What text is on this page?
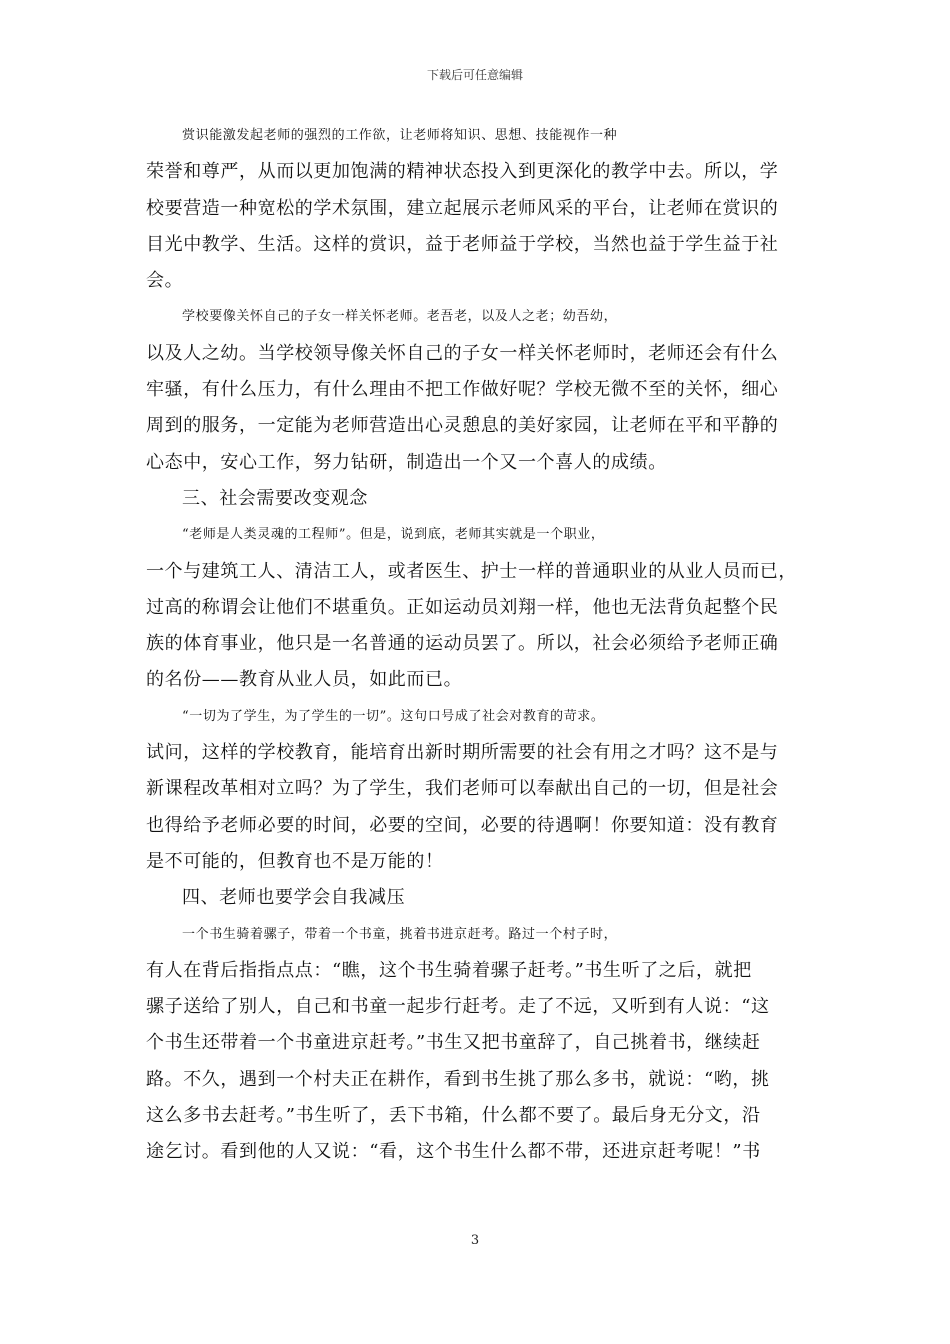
下载后可任意编辑
赏识能激发起老师的强烈的工作欲，让老师将知识、思想、技能视作一种
荣誉和尊严，从而以更加饱满的精神状态投入到更深化的教学中去。所以，学
校要营造一种宽松的学术氛围，建立起展示老师风采的平台，让老师在赏识的
目光中教学、生活。这样的赏识，益于老师益于学校，当然也益于学生益于社
会。
学校要像关怀自己的子女一样关怀老师。老吾老，以及人之老；幼吾幼，
以及人之幼。当学校领导像关怀自己的子女一样关怀老师时，老师还会有什么
牢骚，有什么压力，有什么理由不把工作做好呢？学校无微不至的关怀，细心
周到的服务，一定能为老师营造出心灵憩息的美好家园，让老师在平和平静的
心态中，安心工作，努力钻研，制造出一个又一个喜人的成绩。
三、社会需要改变观念
“老师是人类灵魂的工程师”。但是，说到底，老师其实就是一个职业，
一个与建筑工人、清洁工人，或者医生、护士一样的普通职业的从业人员而已，
过高的称谓会让他们不堪重负。正如运动员刘翔一样，他也无法背负起整个民
族的体育事业，他只是一名普通的运动员罢了。所以，社会必须给予老师正确
的名份——教育从业人员，如此而已。
“一切为了学生，为了学生的一切”。这句口号成了社会对教育的苛求。
试问，这样的学校教育，能培育出新时期所需要的社会有用之才吗？这不是与
新课程改革相对立吗？为了学生，我们老师可以奉献出自己的一切，但是社会
也得给予老师必要的时间，必要的空间，必要的待遇啊！你要知道：没有教育
是不可能的，但教育也不是万能的！
四、老师也要学会自我减压
一个书生骑着骡子，带着一个书童，挑着书进京赶考。路过一个村子时，
有人在背后指指点点：“瞧，这个书生骑着骡子赶考。”书生听了之后，就把
骡子送给了别人，自己和书童一起步行赶考。走了不远，又听到有人说：“这
个书生还带着一个书童进京赶考。”书生又把书童辞了，自己挑着书，继续赶
路。不久，遇到一个村夫正在耕作，看到书生挑了那么多书，就说：“哟，挑
这么多书去赶考。”书生听了，丢下书箱，什么都不要了。最后身无分文，沿
途乞讨。看到他的人又说：“看，这个书生什么都不带，还进京赶考呢！”书
3
